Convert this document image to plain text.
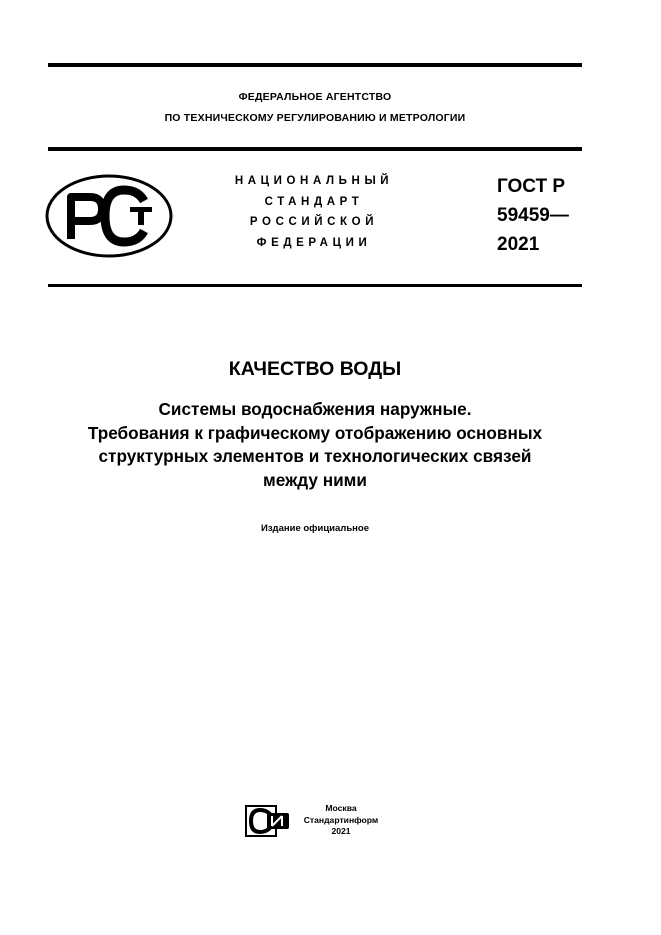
ФЕДЕРАЛЬНОЕ АГЕНТСТВО
ПО ТЕХНИЧЕСКОМУ РЕГУЛИРОВАНИЮ И МЕТРОЛОГИИ
НАЦИОНАЛЬНЫЙ
СТАНДАРТ
РОССИЙСКОЙ
ФЕДЕРАЦИИ
ГОСТ Р
59459—
2021
КАЧЕСТВО ВОДЫ
Системы водоснабжения наружные.
Требования к графическому отображению основных
структурных элементов и технологических связей
между ними
Издание официальное
Москва
Стандартинформ
2021
